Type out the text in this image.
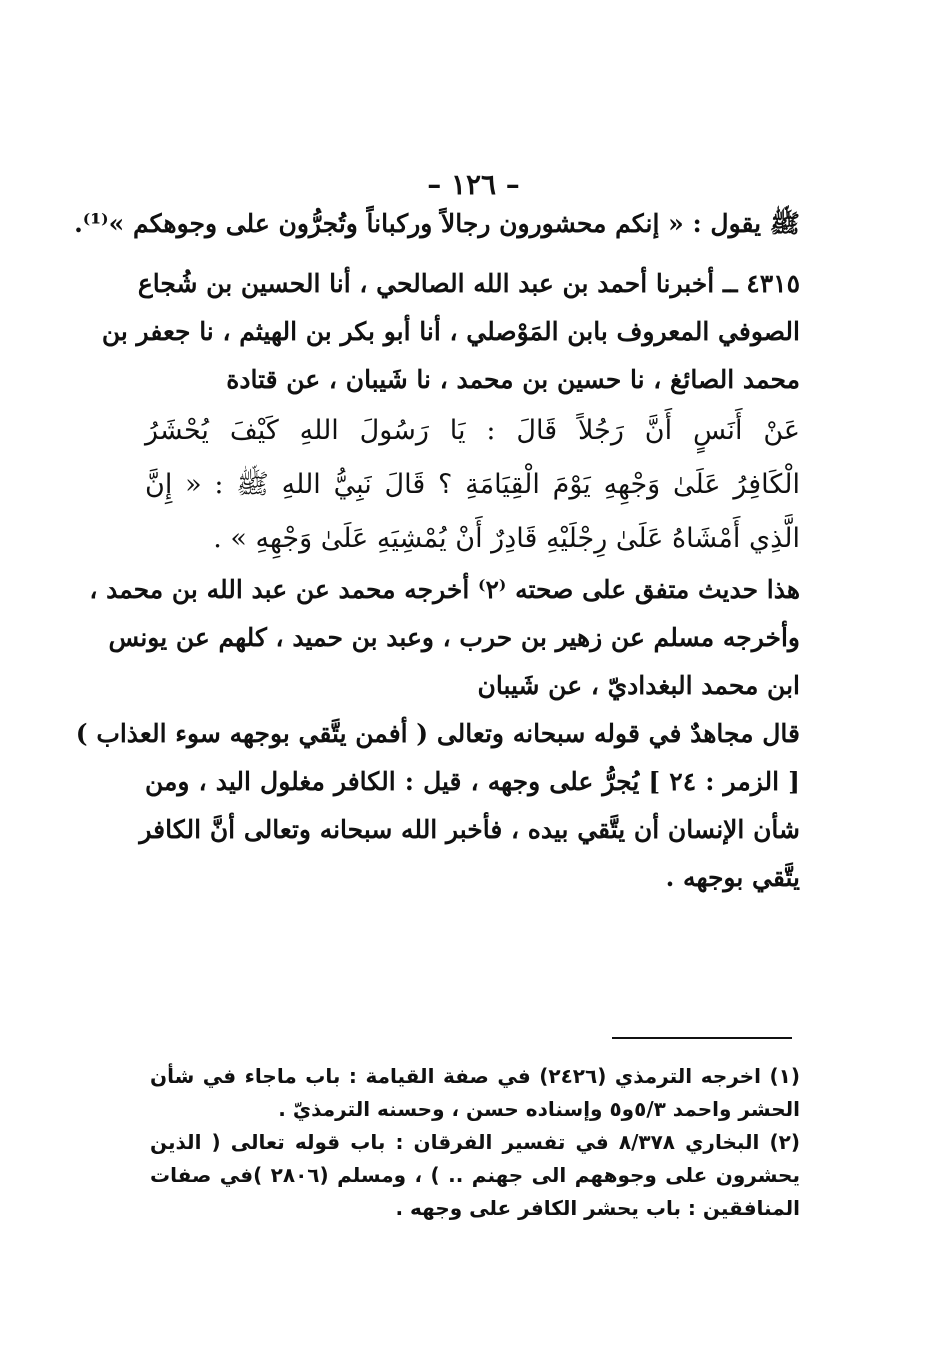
– ١٢٦ –
ﷺ يقول : « إنكم محشورون رجالاً وركباناً وتُجرُّون على وجوهكم »⁽¹⁾.
٤٣١٥ ــ أخبرنا أحمد بن عبد الله الصالحي ، أنا الحسين بن شُجاع
الصوفي المعروف بابن المَوْصلي ، أنا أبو بكر بن الهيثم ، نا جعفر بن
محمد الصائغ ، نا حسين بن محمد ، نا شَيبان ، عن قتادة
عَنْ أَنَسٍ أَنَّ رَجُلاً قَالَ : يَا رَسُولَ اللهِ كَيْفَ يُحْشَرُ
الْكَافِرُ عَلَىٰ وَجْهِهِ يَوْمَ الْقِيَامَةِ ؟ قَالَ نَبِيُّ اللهِ ﷺ : « إِنَّ
الَّذِي أَمْشَاهُ عَلَىٰ رِجْلَيْهِ قَادِرٌ أَنْ يُمْشِيَهِ عَلَىٰ وَجْهِهِ » .
هذا حديث متفق على صحته ⁽٢⁾ أخرجه محمد عن عبد الله بن محمد ،
وأخرجه مسلم عن زهير بن حرب ، وعبد بن حميد ، كلهم عن يونس
ابن محمد البغداديّ ، عن شَيبان
قال مجاهدٌ في قوله سبحانه وتعالى ( أفمن يتَّقي بوجهه سوء العذاب )
[ الزمر : ٢٤ ] يُجرُّ على وجهه ، قيل : الكافر مغلول اليد ، ومن
شأن الإنسان أن يتَّقي بيده ، فأخبر الله سبحانه وتعالى أنَّ الكافر
يتَّقي بوجهه .
(١) اخرجه الترمذي (٢٤٢٦) في صفة القيامة : باب ماجاء في شأن
الحشر واحمد ٥/٣و٥ وإسناده حسن ، وحسنه الترمذيّ .
(٢) البخاري ٨/٣٧٨ في تفسير الفرقان : باب قوله تعالى ( الذين
يحشرون على وجوههم الى جهنم .. ) ، ومسلم (٢٨٠٦ )في صفات
المنافقين : باب يحشر الكافر على وجهه .
